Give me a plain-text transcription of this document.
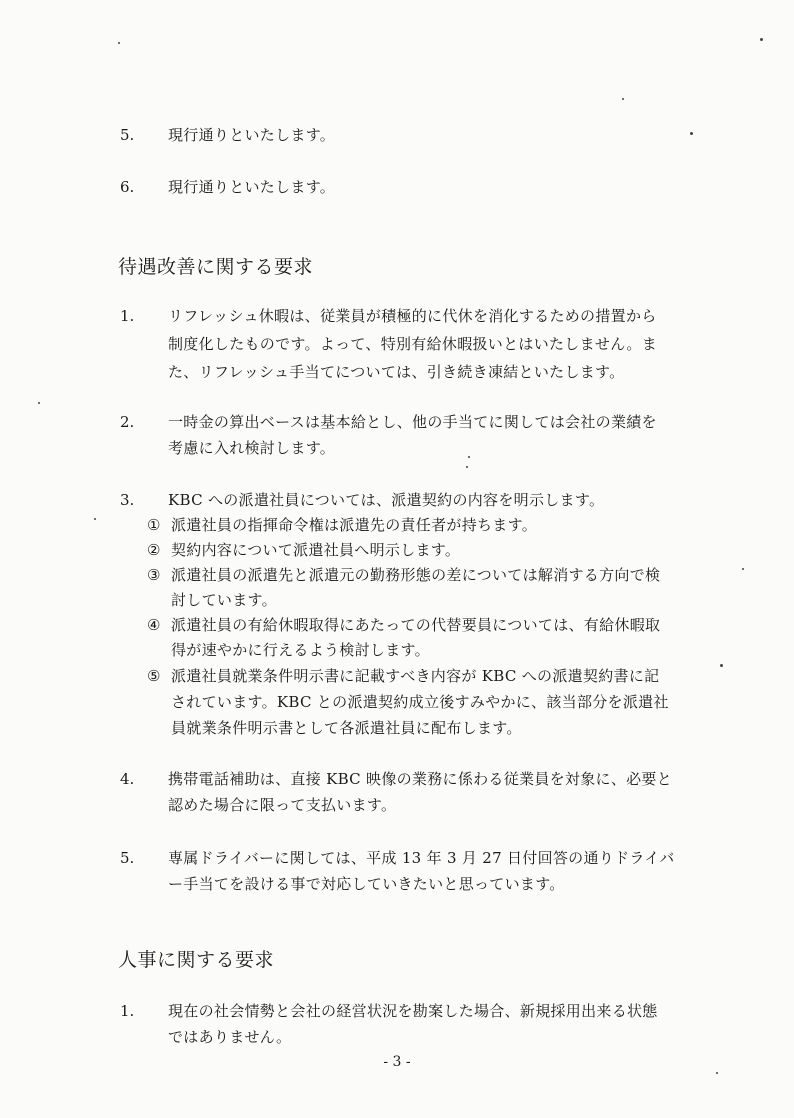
5.	現行通りといたします。
6.	現行通りといたします。
待遇改善に関する要求
1.	リフレッシュ休暇は、従業員が積極的に代休を消化するための措置から
制度化したものです。よって、特別有給休暇扱いとはいたしません。ま
た、リフレッシュ手当てについては、引き続き凍結といたします。
2.	一時金の算出ベースは基本給とし、他の手当てに関しては会社の業績を
考慮に入れ検討します。
3.	KBC への派遣社員については、派遣契約の内容を明示します。
① 派遣社員の指揮命令権は派遣先の責任者が持ちます。
② 契約内容について派遣社員へ明示します。
③ 派遣社員の派遣先と派遣元の勤務形態の差については解消する方向で検
討しています。
④ 派遣社員の有給休暇取得にあたっての代替要員については、有給休暇取
得が速やかに行えるよう検討します。
⑤ 派遣社員就業条件明示書に記載すべき内容が KBC への派遣契約書に記
されています。KBC との派遣契約成立後すみやかに、該当部分を派遣社
員就業条件明示書として各派遣社員に配布します。
4.	携帯電話補助は、直接 KBC 映像の業務に係わる従業員を対象に、必要と
認めた場合に限って支払います。
5.	専属ドライバーに関しては、平成 13 年 3 月 27 日付回答の通りドライバ
ー手当てを設ける事で対応していきたいと思っています。
人事に関する要求
1.	現在の社会情勢と会社の経営状況を勘案した場合、新規採用出来る状態
ではありません。
- 3 -
